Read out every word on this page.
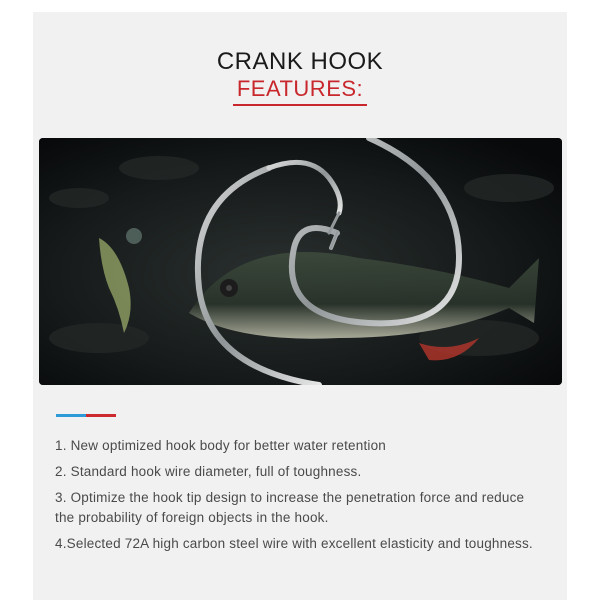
CRANK HOOK
FEATURES:
1. New optimized hook body for better water retention
2. Standard hook wire diameter, full of toughness.
3. Optimize the hook tip design to increase the penetration force and reduce the probability of foreign objects in the hook.
4.Selected 72A high carbon steel wire with excellent elasticity and toughness.
